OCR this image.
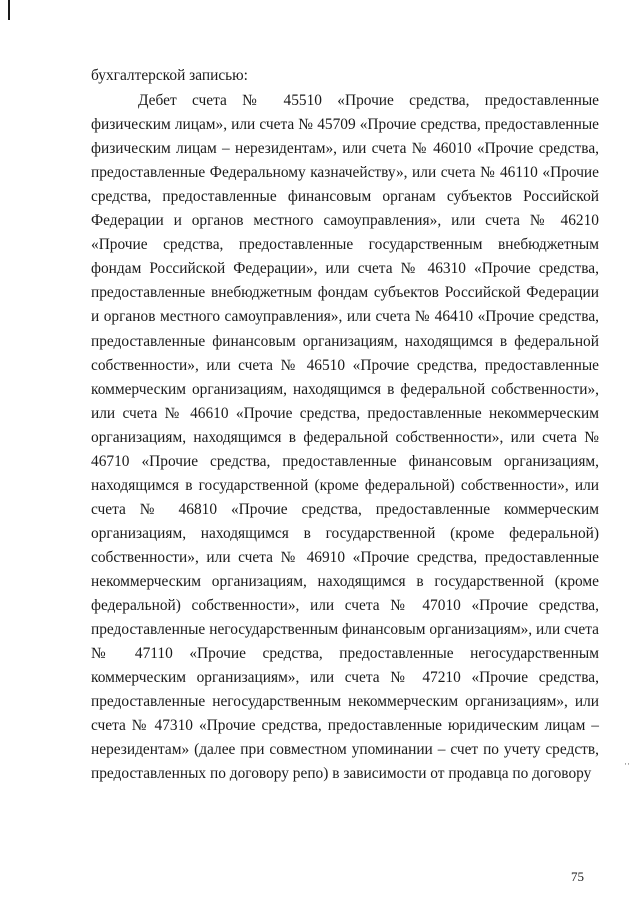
бухгалтерской записью:

Дебет счета № 45510 «Прочие средства, предоставленные физическим лицам», или счета № 45709 «Прочие средства, предоставленные физическим лицам – нерезидентам», или счета № 46010 «Прочие средства, предоставленные Федеральному казначейству», или счета № 46110 «Прочие средства, предоставленные финансовым органам субъектов Российской Федерации и органов местного самоуправления», или счета № 46210 «Прочие средства, предоставленные государственным внебюджетным фондам Российской Федерации», или счета № 46310 «Прочие средства, предоставленные внебюджетным фондам субъектов Российской Федерации и органов местного самоуправления», или счета № 46410 «Прочие средства, предоставленные финансовым организациям, находящимся в федеральной собственности», или счета № 46510 «Прочие средства, предоставленные коммерческим организациям, находящимся в федеральной собственности», или счета № 46610 «Прочие средства, предоставленные некоммерческим организациям, находящимся в федеральной собственности», или счета № 46710 «Прочие средства, предоставленные финансовым организациям, находящимся в государственной (кроме федеральной) собственности», или счета № 46810 «Прочие средства, предоставленные коммерческим организациям, находящимся в государственной (кроме федеральной) собственности», или счета № 46910 «Прочие средства, предоставленные некоммерческим организациям, находящимся в государственной (кроме федеральной) собственности», или счета № 47010 «Прочие средства, предоставленные негосударственным финансовым организациям», или счета № 47110 «Прочие средства, предоставленные негосударственным коммерческим организациям», или счета № 47210 «Прочие средства, предоставленные негосударственным некоммерческим организациям», или счета № 47310 «Прочие средства, предоставленные юридическим лицам – нерезидентам» (далее при совместном упоминании – счет по учету средств, предоставленных по договору репо) в зависимости от продавца по договору

··
75
